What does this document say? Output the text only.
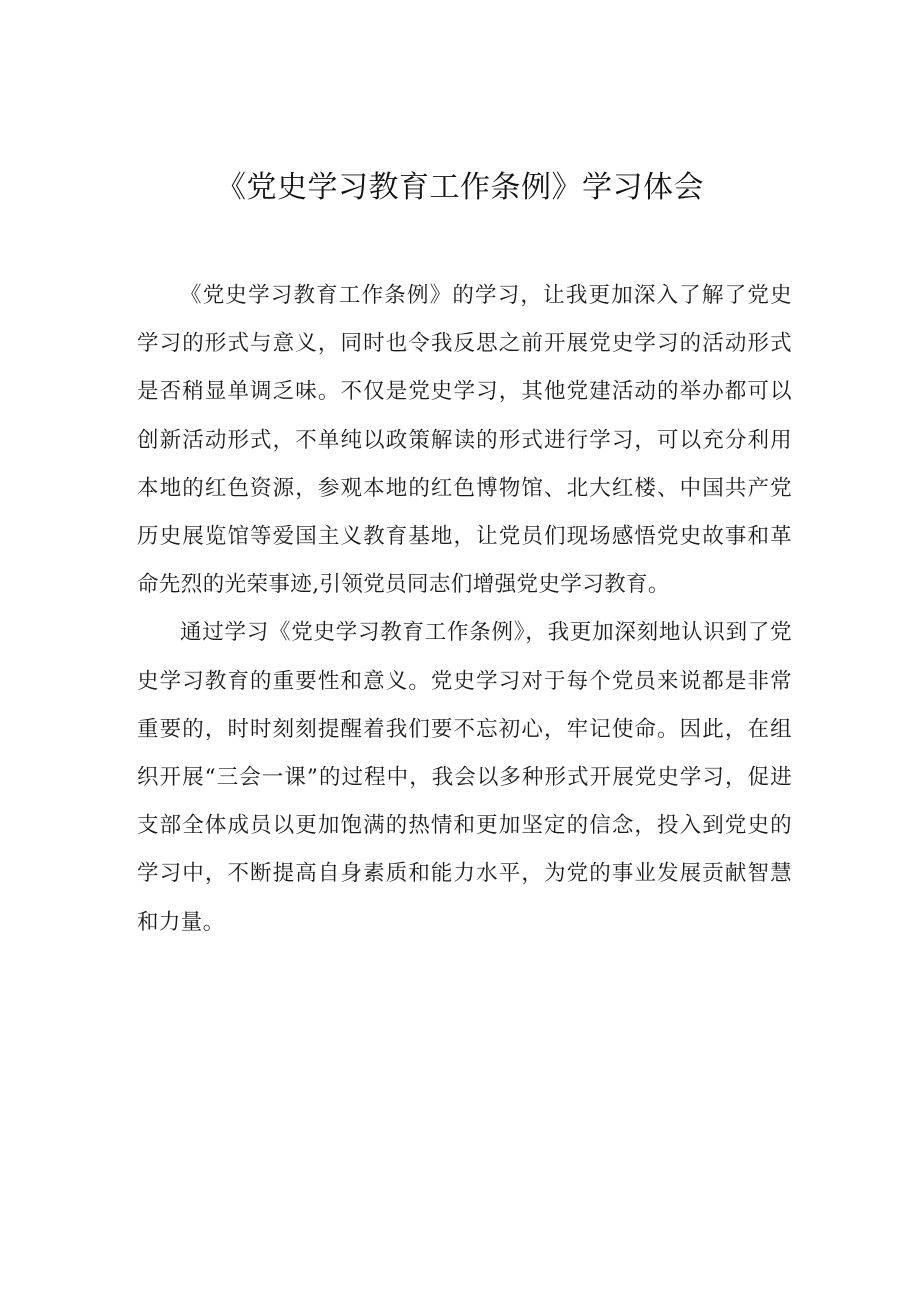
《党史学习教育工作条例》学习体会

《党史学习教育工作条例》的学习，让我更加深入了解了党史学习的形式与意义，同时也令我反思之前开展党史学习的活动形式是否稍显单调乏味。不仅是党史学习，其他党建活动的举办都可以创新活动形式，不单纯以政策解读的形式进行学习，可以充分利用本地的红色资源，参观本地的红色博物馆、北大红楼、中国共产党历史展览馆等爱国主义教育基地，让党员们现场感悟党史故事和革命先烈的光荣事迹,引领党员同志们增强党史学习教育。

通过学习《党史学习教育工作条例》，我更加深刻地认识到了党史学习教育的重要性和意义。党史学习对于每个党员来说都是非常重要的，时时刻刻提醒着我们要不忘初心，牢记使命。因此，在组织开展“三会一课”的过程中，我会以多种形式开展党史学习，促进支部全体成员以更加饱满的热情和更加坚定的信念，投入到党史的学习中，不断提高自身素质和能力水平，为党的事业发展贡献智慧和力量。
